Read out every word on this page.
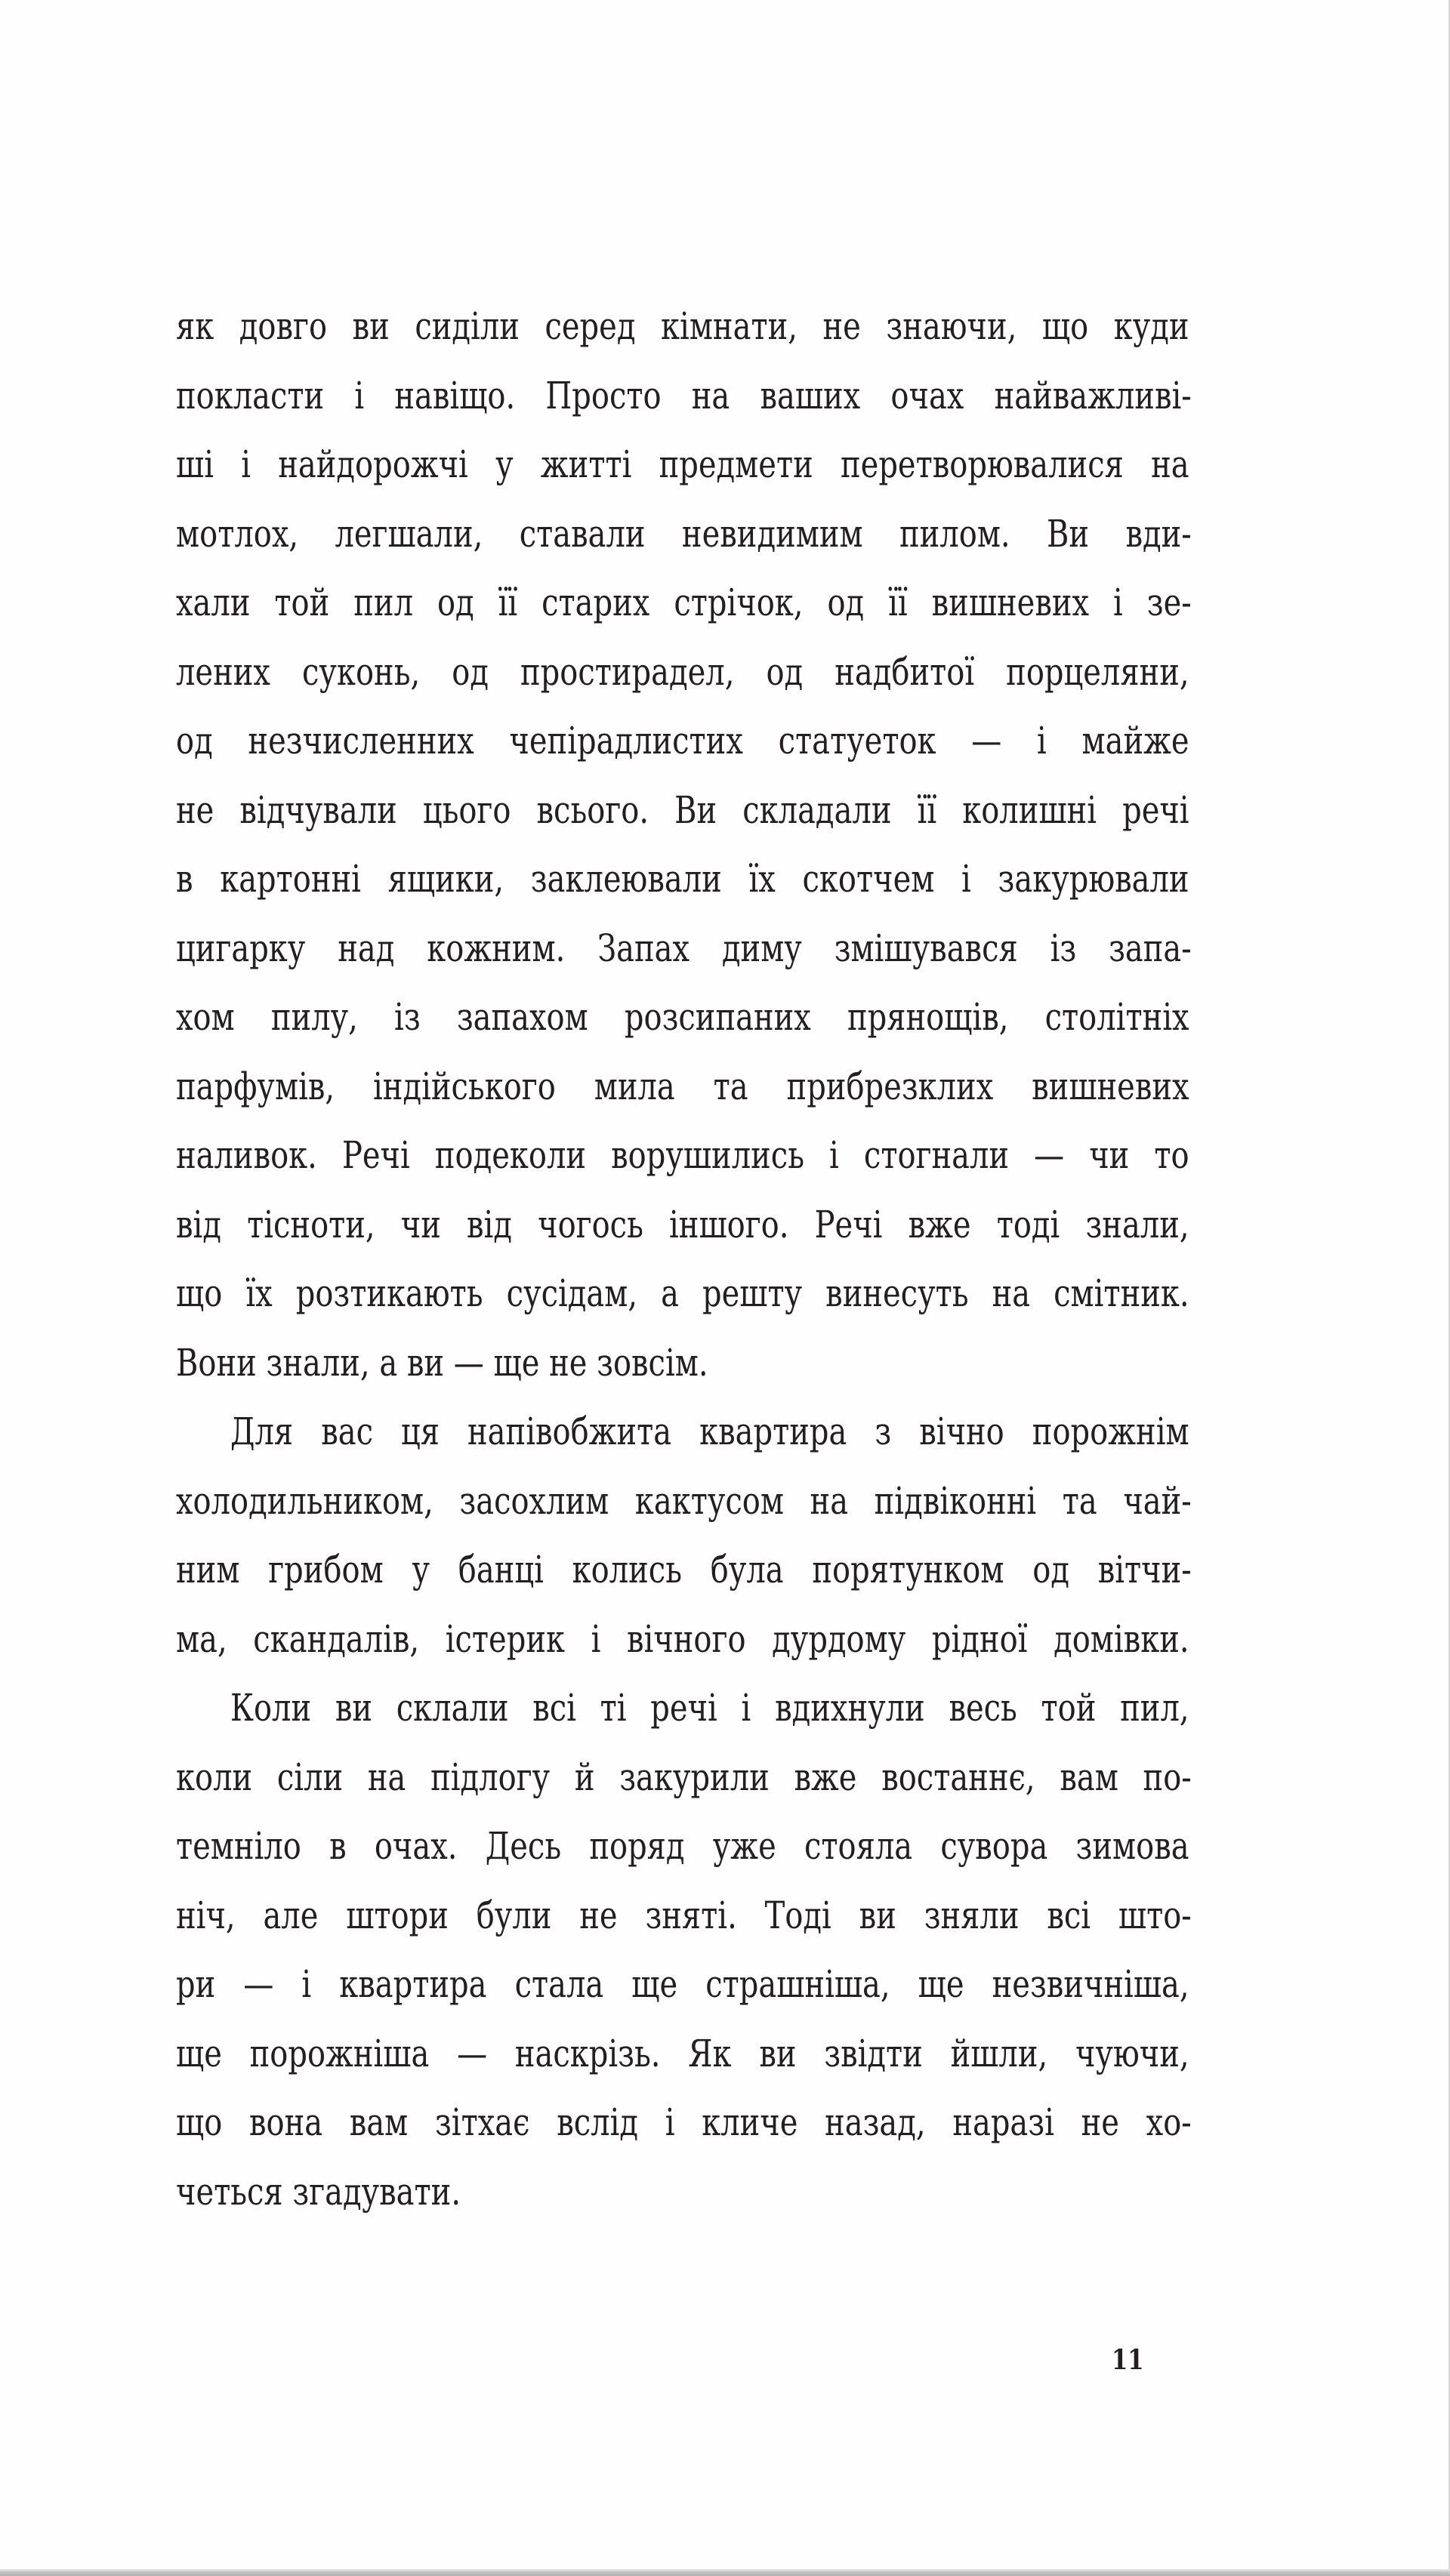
як довго ви сиділи серед кімнати, не знаючи, що куди
покласти і навіщо. Просто на ваших очах найважливі-
ші і найдорожчі у житті предмети перетворювалися на
мотлох, легшали, ставали невидимим пилом. Ви вди-
хали той пил од її старих стрічок, од її вишневих і зе-
лених суконь, од простирадел, од надбитої порцеляни,
од незчисленних чепірадлистих статуеток — і майже
не відчували цього всього. Ви складали її колишні речі
в картонні ящики, заклеювали їх скотчем і закурювали
цигарку над кожним. Запах диму змішувався із запа-
хом пилу, із запахом розсипаних прянощів, столітніх
парфумів, індійського мила та прибрезклих вишневих
наливок. Речі подеколи ворушились і стогнали — чи то
від тісноти, чи від чогось іншого. Речі вже тоді знали,
що їх розтикають сусідам, а решту винесуть на смітник.
Вони знали, а ви — ще не зовсім.
Для вас ця напівобжита квартира з вічно порожнім
холодильником, засохлим кактусом на підвіконні та чай-
ним грибом у банці колись була порятунком од вітчи-
ма, скандалів, істерик і вічного дурдому рідної домівки.
Коли ви склали всі ті речі і вдихнули весь той пил,
коли сіли на підлогу й закурили вже востаннє, вам по-
темніло в очах. Десь поряд уже стояла сувора зимова
ніч, але штори були не зняті. Тоді ви зняли всі што-
ри — і квартира стала ще страшніша, ще незвичніша,
ще порожніша — наскрізь. Як ви звідти йшли, чуючи,
що вона вам зітхає вслід і кличе назад, наразі не хо-
четься згадувати.
11
